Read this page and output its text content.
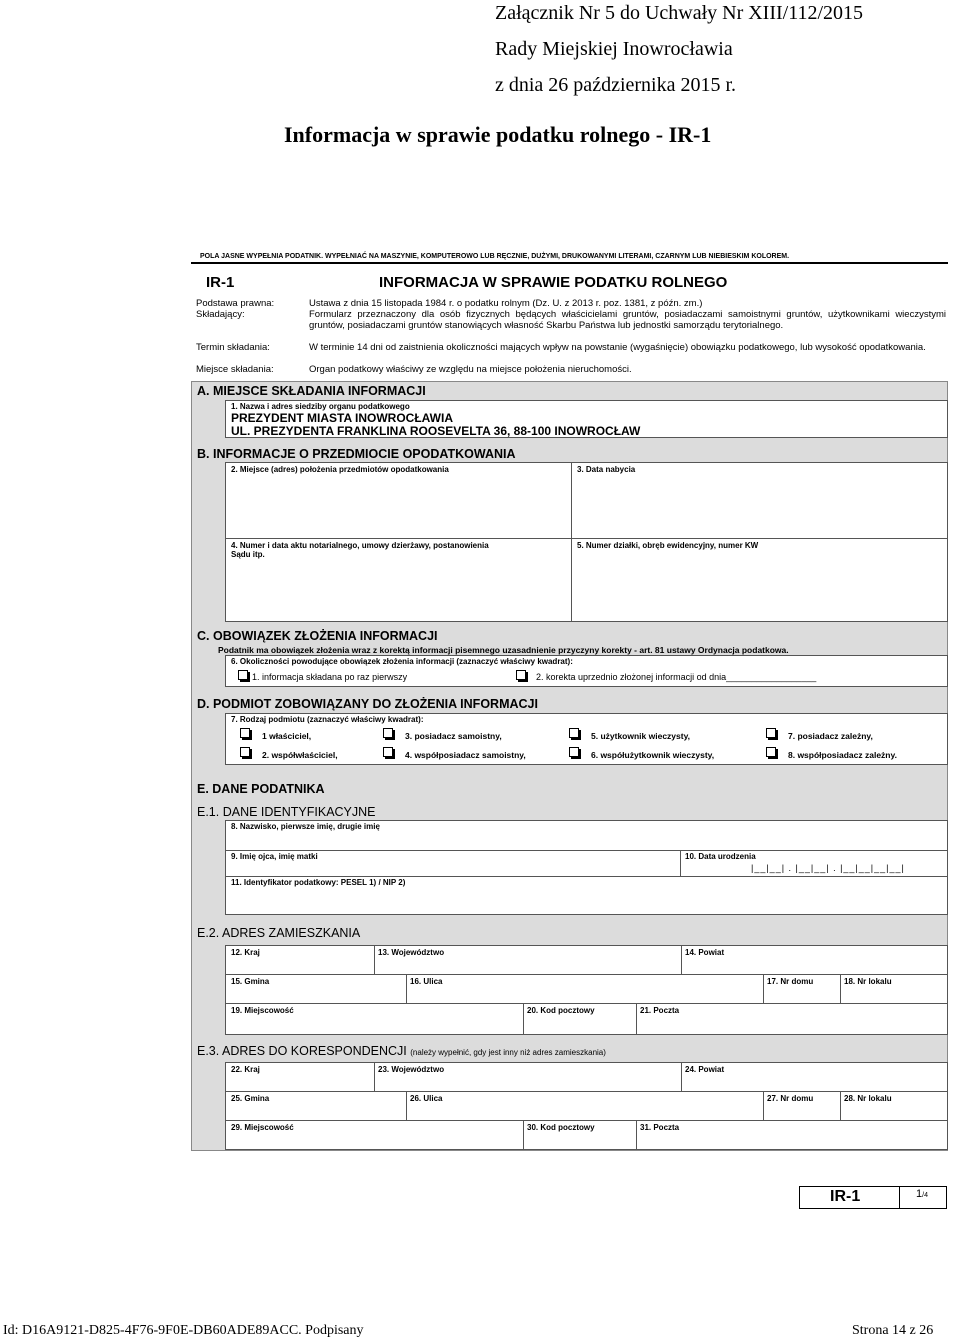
Załącznik Nr 5 do Uchwały Nr XIII/112/2015
Rady Miejskiej Inowrocławia
z dnia 26 października 2015 r.
Informacja w sprawie podatku rolnego - IR-1
POLA JASNE WYPEŁNIA PODATNIK. WYPEŁNIAĆ NA MASZYNIE, KOMPUTEROWO LUB RĘCZNIE, DUŻYMI, DRUKOWANYMI LITERAMI, CZARNYM LUB NIEBIESKIM KOLOREM.
IR-1	INFORMACJA W SPRAWIE PODATKU ROLNEGO
Podstawa prawna:	Ustawa z dnia 15 listopada 1984 r. o podatku rolnym (Dz. U. z 2013 r. poz. 1381, z późn. zm.)
Składający:	Formularz przeznaczony dla osób fizycznych będących właścicielami gruntów, posiadaczami samoistnymi gruntów, użytkownikami wieczystymi gruntów, posiadaczami gruntów stanowiących własność Skarbu Państwa lub jednostki samorządu terytorialnego.
Termin składania:	W terminie 14 dni od zaistnienia okoliczności mających wpływ na powstanie (wygaśnięcie) obowiązku podatkowego, lub wysokość opodatkowania.
Miejsce składania:	Organ podatkowy właściwy ze względu na miejsce położenia nieruchomości.
A. MIEJSCE SKŁADANIA INFORMACJI
1. Nazwa i adres siedziby organu podatkowego
PREZYDENT MIASTA INOWROCŁAWIA
UL. PREZYDENTA FRANKLINA ROOSEVELTA 36, 88-100 INOWROCŁAW
B. INFORMACJE O PRZEDMIOCIE OPODATKOWANIA
2. Miejsce (adres) położenia przedmiotów opodatkowania	3. Data nabycia
4. Numer i data aktu notarialnego, umowy dzierżawy, postanowienia
Sądu itp.
5. Numer działki, obręb ewidencyjny, numer KW
C. OBOWIĄZEK ZŁOŻENIA INFORMACJI
Podatnik ma obowiązek złożenia wraz z korektą informacji pisemnego uzasadnienie przyczyny korekty - art. 81 ustawy Ordynacja podatkowa.
6. Okoliczności powodujące obowiązek złożenia informacji (zaznaczyć właściwy kwadrat):
1. informacja składana po raz pierwszy	2. korekta uprzednio złożonej informacji od dnia__________________
D. PODMIOT ZOBOWIĄZANY DO ZŁOŻENIA INFORMACJI
7. Rodzaj podmiotu (zaznaczyć właściwy kwadrat):
1 właściciel,	3. posiadacz samoistny,	5. użytkownik wieczysty,	7. posiadacz zależny,
2. współwłaściciel,	4. współposiadacz samoistny,	6. współużytkownik wieczysty,	8. współposiadacz zależny.
E. DANE PODATNIKA
E.1. DANE IDENTYFIKACYJNE
8. Nazwisko, pierwsze imię, drugie imię
9. Imię ojca, imię matki	10. Data urodzenia
|__|__| . |__|__| . |__|__|__|__|
11. Identyfikator podatkowy: PESEL 1) / NIP 2)
E.2. ADRES ZAMIESZKANIA
12. Kraj	13. Województwo	14. Powiat
15. Gmina	16. Ulica	17. Nr domu	18. Nr lokalu
19. Miejscowość	20. Kod pocztowy	21. Poczta
E.3. ADRES DO KORESPONDENCJI (należy wypełnić, gdy jest inny niż adres zamieszkania)
22. Kraj	23. Województwo	24. Powiat
25. Gmina	26. Ulica	27. Nr domu	28. Nr lokalu
29. Miejscowość	30. Kod pocztowy	31. Poczta
IR-1	1/4
Id: D16A9121-D825-4F76-9F0E-DB60ADE89ACC. Podpisany	Strona 14 z 26
